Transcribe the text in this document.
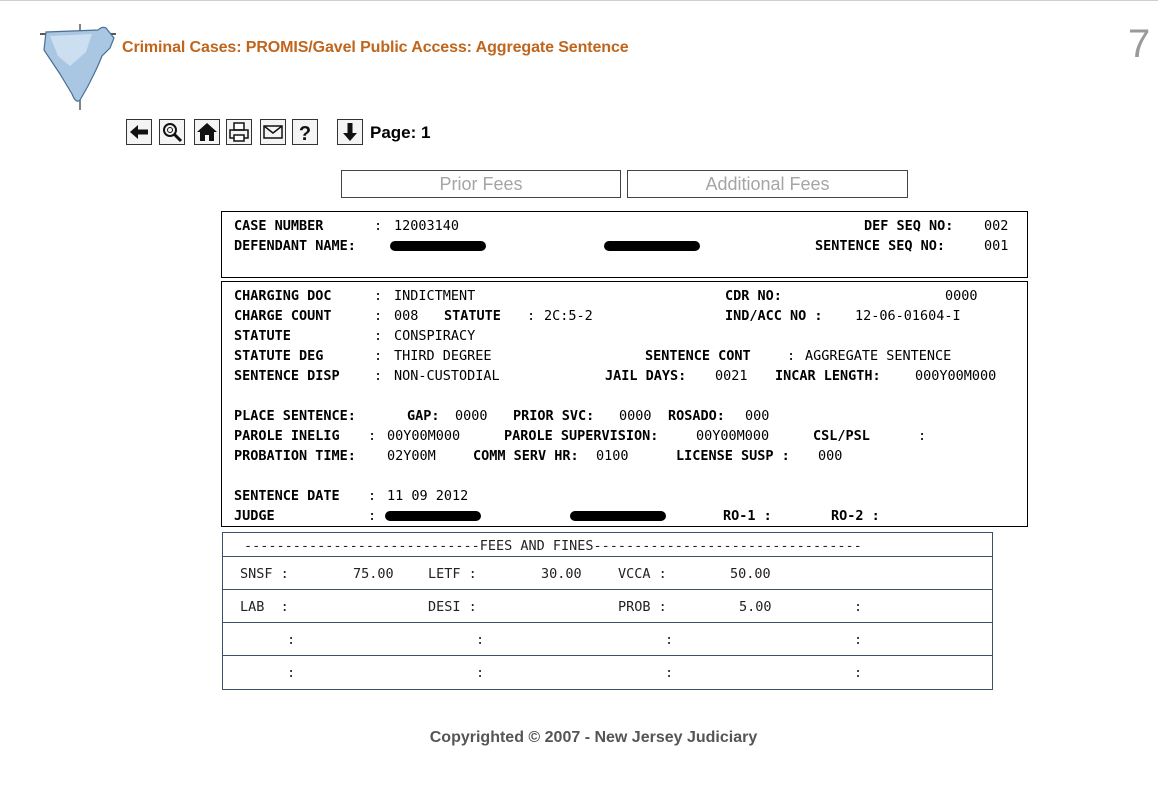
Criminal Cases: PROMIS/Gavel Public Access: Aggregate Sentence	7
?	Page: 1
Prior Fees	Additional Fees
CASE NUMBER	: 12003140	DEF SEQ NO: 002
DEFENDANT NAME:	SENTENCE SEQ NO:	001
CHARGING DOC	: INDICTMENT	CDR NO:	0000
CHARGE COUNT	: 008 STATUTE : 2C:5-2	IND/ACC NO : 12-06-01604-I
STATUTE	: CONSPIRACY
STATUTE DEG	: THIRD DEGREE	SENTENCE CONT	: AGGREGATE SENTENCE
SENTENCE DISP	: NON-CUSTODIAL	JAIL DAYS: 0021 INCAR LENGTH:	000Y00M000
PLACE SENTENCE:	GAP: 0000 PRIOR SVC: 0000 ROSADO: 000
PAROLE INELIG : 00Y00M000	PAROLE SUPERVISION:	00Y00M000	CSL/PSL	:
PROBATION TIME: 02Y00M	COMM SERV HR: 0100	LICENSE SUSP : 000
SENTENCE DATE : 11 09 2012
JUDGE	:	RO-1 :	RO-2 :
-----------------------------FEES AND FINES---------------------------------
SNSF :	75.00	LETF :	30.00	VCCA :	50.00
LAB  :	DESI :	PROB :	5.00	:
:	:	:	:
:	:	:	:
Copyrighted © 2007 - New Jersey Judiciary
